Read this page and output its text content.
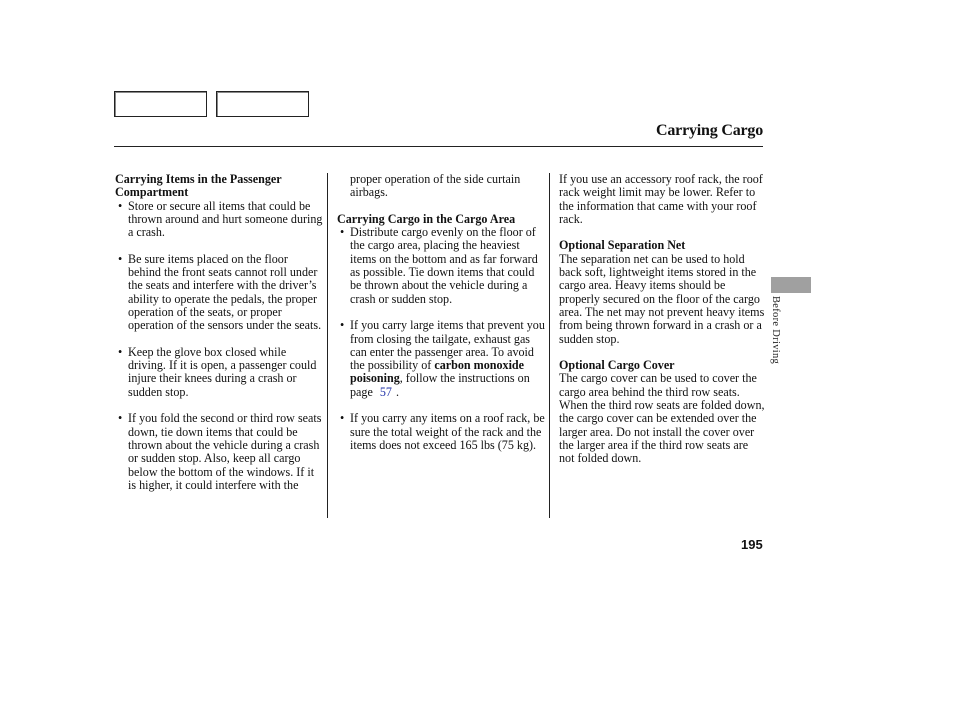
Carrying Cargo
Carrying Items in the Passenger Compartment
• Store or secure all items that could be thrown around and hurt someone during a crash.
• Be sure items placed on the floor behind the front seats cannot roll under the seats and interfere with the driver’s ability to operate the pedals, the proper operation of the seats, or proper operation of the sensors under the seats.
• Keep the glove box closed while driving. If it is open, a passenger could injure their knees during a crash or sudden stop.
• If you fold the second or third row seats down, tie down items that could be thrown about the vehicle during a crash or sudden stop. Also, keep all cargo below the bottom of the windows. If it is higher, it could interfere with the
proper operation of the side curtain airbags.
Carrying Cargo in the Cargo Area
• Distribute cargo evenly on the floor of the cargo area, placing the heaviest items on the bottom and as far forward as possible. Tie down items that could be thrown about the vehicle during a crash or sudden stop.
• If you carry large items that prevent you from closing the tailgate, exhaust gas can enter the passenger area. To avoid the possibility of carbon monoxide poisoning, follow the instructions on page 57 .
• If you carry any items on a roof rack, be sure the total weight of the rack and the items does not exceed 165 lbs (75 kg).

If you use an accessory roof rack, the roof rack weight limit may be lower. Refer to the information that came with your roof rack.

Optional Separation Net

The separation net can be used to hold back soft, lightweight items stored in the cargo area. Heavy items should be properly secured on the floor of the cargo area. The net may not prevent heavy items from being thrown forward in a crash or a sudden stop.

Optional Cargo Cover

The cargo cover can be used to cover the cargo area behind the third row seats. When the third row seats are folded down, the cargo cover can be extended over the larger area. Do not install the cover over the larger area if the third row seats are not folded down.

Before Driving
195
